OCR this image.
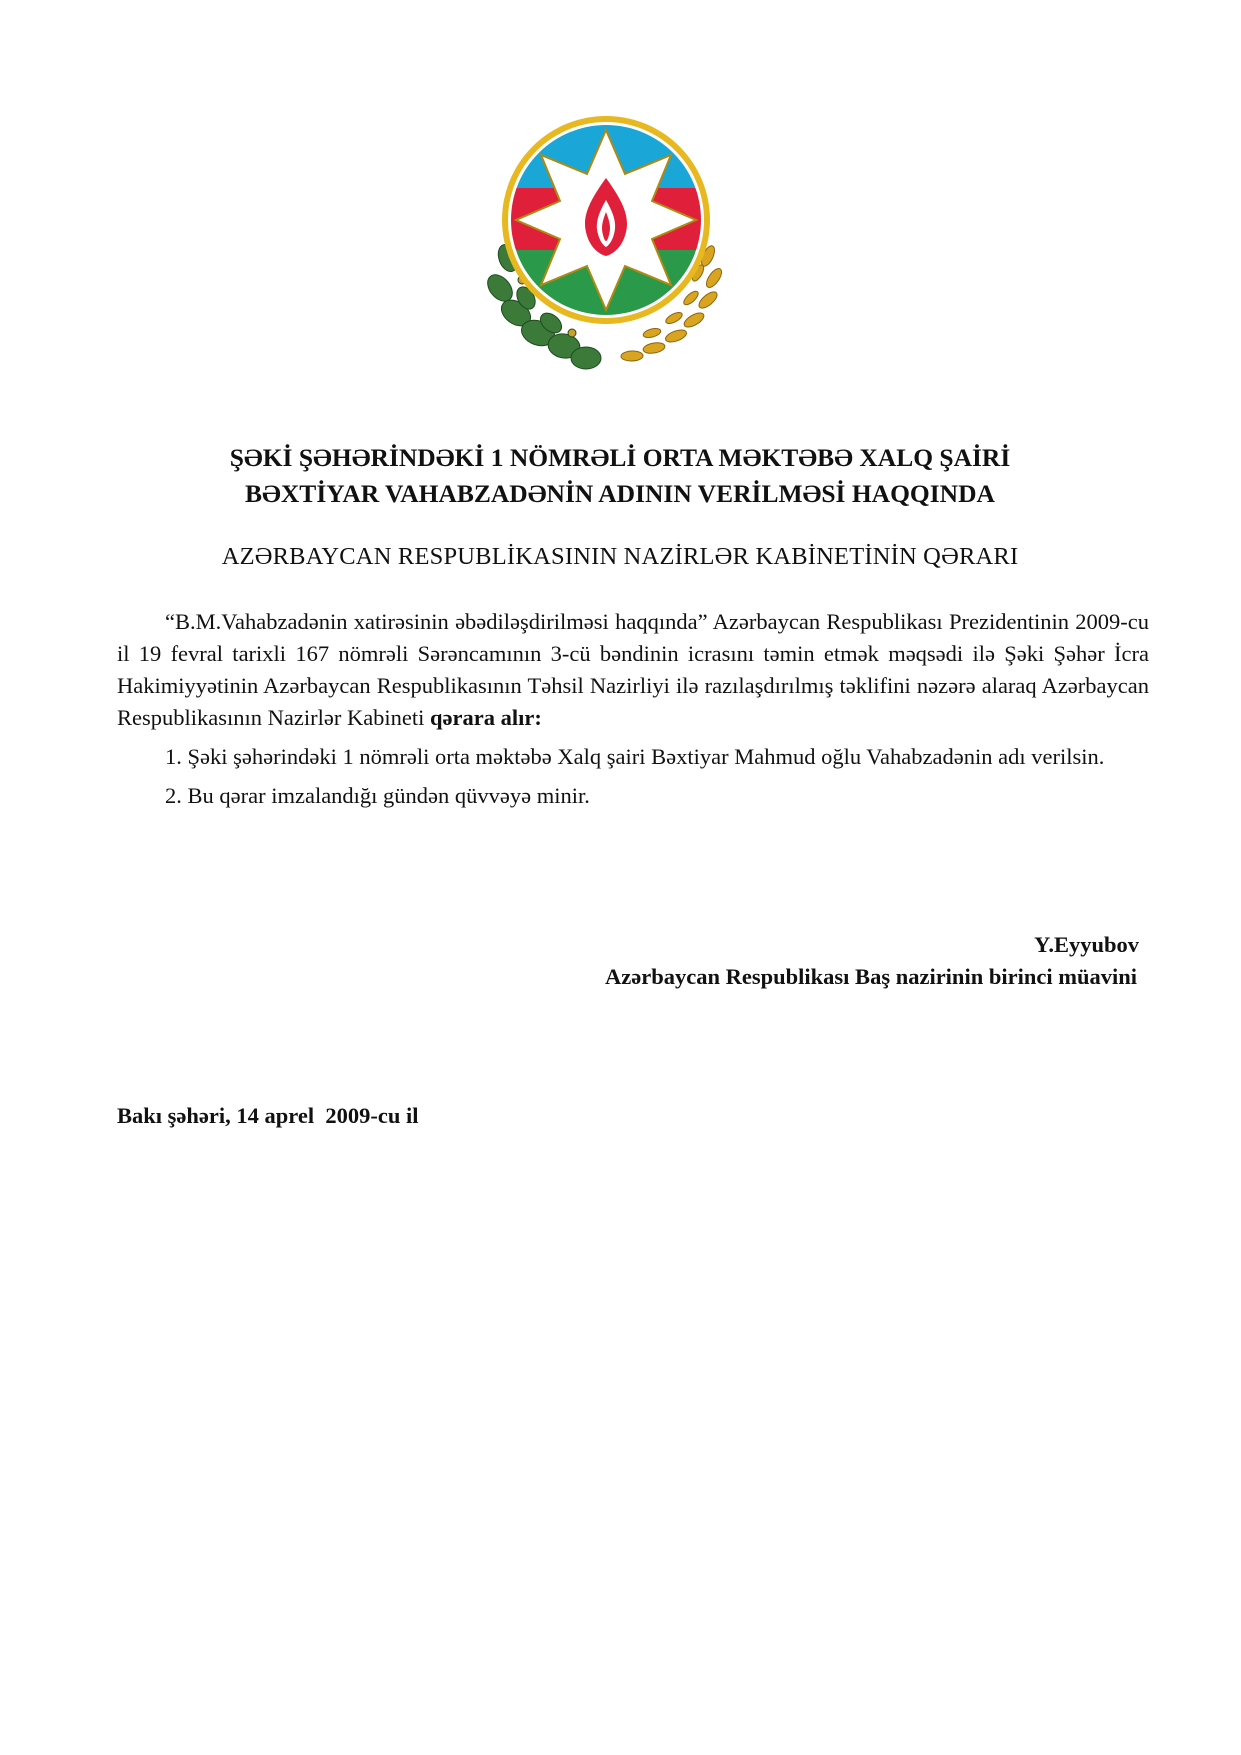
ŞƏKİ ŞƏHƏRİNDƏKİ 1 NÖMRƏLİ ORTA MƏKTƏBƏ XALQ ŞAİRİ
BƏXTİYAR VAHABZADƏNİN ADININ VERİLMƏSİ HAQQINDA
AZƏRBAYCAN RESPUBLİKASININ NAZİRLƏR KABİNETİNİN QƏRARI

“B.M.Vahabzadənin xatirəsinin əbədiləşdirilməsi haqqında” Azərbaycan Respublikası Prezidentinin 2009-cu il 19 fevral tarixli 167 nömrəli Sərəncamının 3-cü bəndinin icrasını təmin etmək məqsədi ilə Şəki Şəhər İcra Hakimiyyətinin Azərbaycan Respublikasının Təhsil Nazirliyi ilə razılaşdırılmış təklifini nəzərə alaraq Azərbaycan Respublikasının Nazirlər Kabineti qərara alır:

1. Şəki şəhərindəki 1 nömrəli orta məktəbə Xalq şairi Bəxtiyar Mahmud oğlu Vahabzadənin adı verilsin.

2. Bu qərar imzalandığı gündən qüvvəyə minir.

Y.Eyyubov
Azərbaycan Respublikası Baş nazirinin birinci müavini
Bakı şəhəri, 14 aprel  2009-cu il
